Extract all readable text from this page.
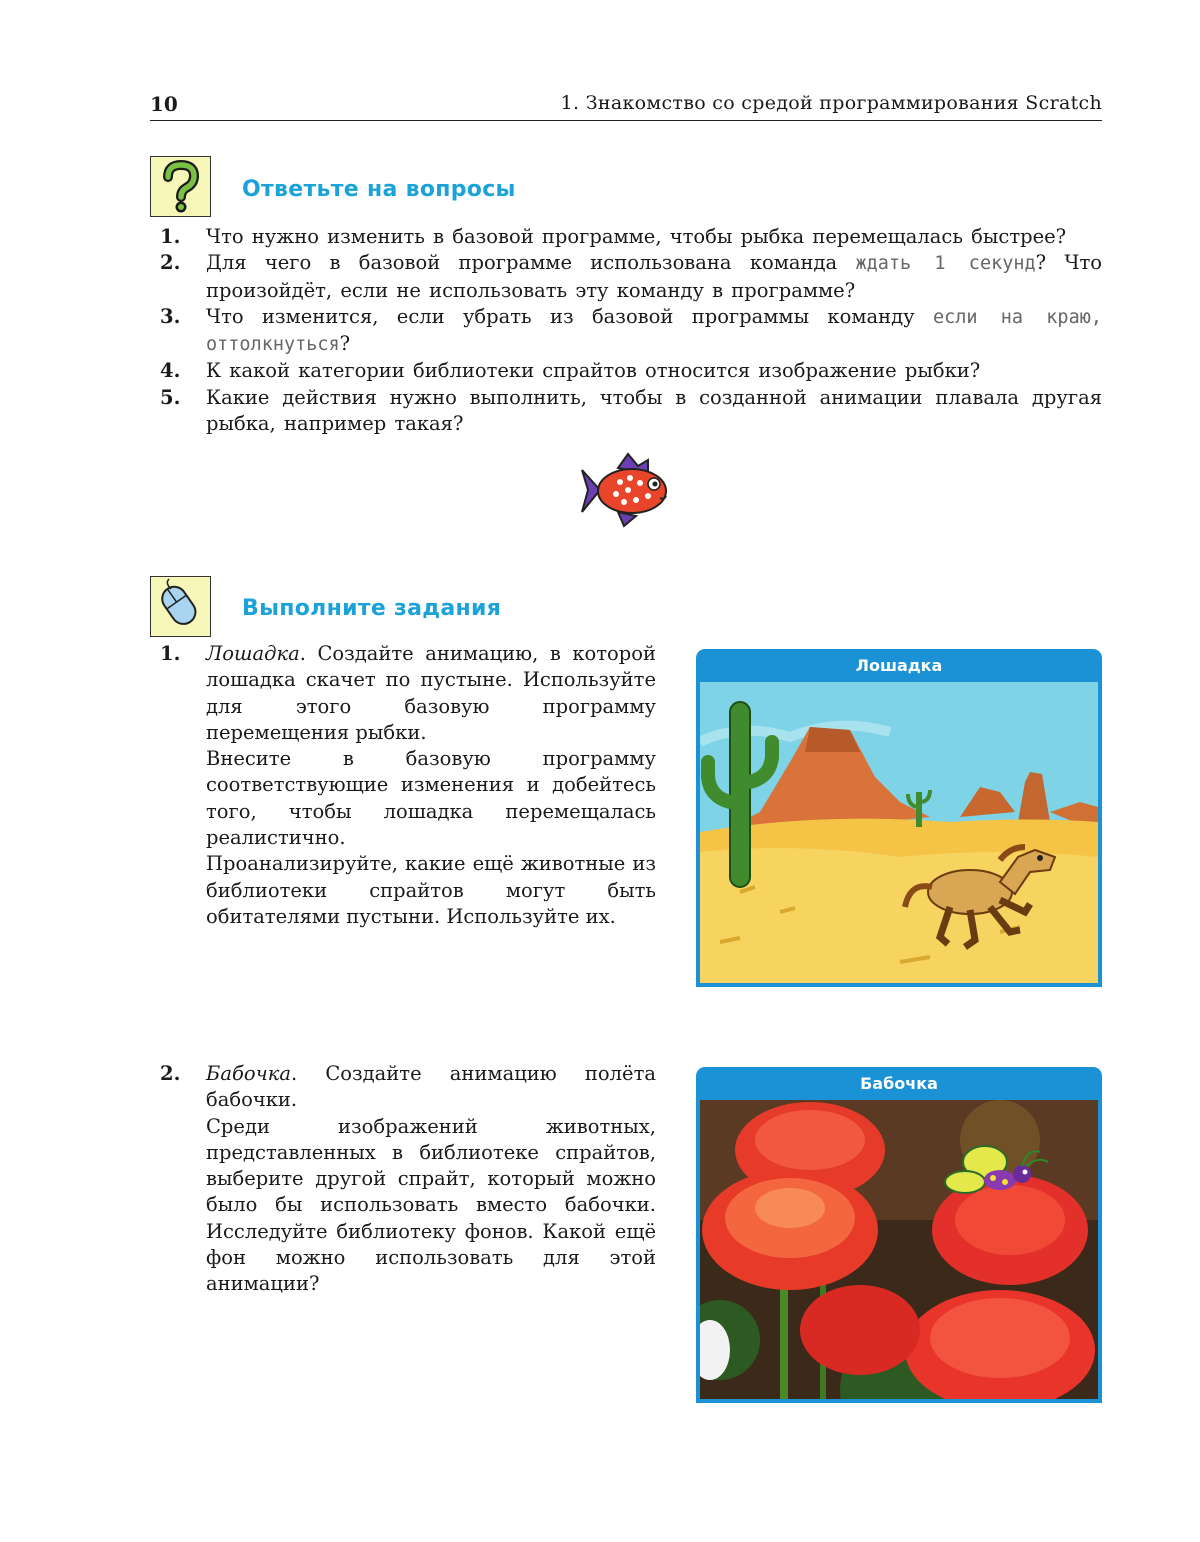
10	1. Знакомство со средой программирования Scratch
Ответьте на вопросы
1.	Что нужно изменить в базовой программе, чтобы рыбка перемещалась быстрее?
2.	Для чего в базовой программе использована команда ждать 1 секунд? Что произойдёт, если не использовать эту команду в программе?
3.	Что изменится, если убрать из базовой программы команду если на краю, оттолкнуться?
4.	К какой категории библиотеки спрайтов относится изображение рыбки?
5.	Какие действия нужно выполнить, чтобы в созданной анимации плавала другая рыбка, например такая?
Выполните задания
1.	Лошадка. Создайте анимацию, в которой лошадка скачет по пустыне. Используйте для этого базовую программу перемещения рыбки.

Внесите в базовую программу соответствующие изменения и добейтесь того, чтобы лошадка перемещалась реалистично.

Проанализируйте, какие ещё животные из библиотеки спрайтов могут быть обитателями пустыни. Используйте их.

Лошадка
2.	Бабочка. Создайте анимацию полёта бабочки.

Среди изображений животных, представленных в библиотеке спрайтов, выберите другой спрайт, который можно было бы использовать вместо бабочки. Исследуйте библиотеку фонов. Какой ещё фон можно использовать для этой анимации?

Бабочка
